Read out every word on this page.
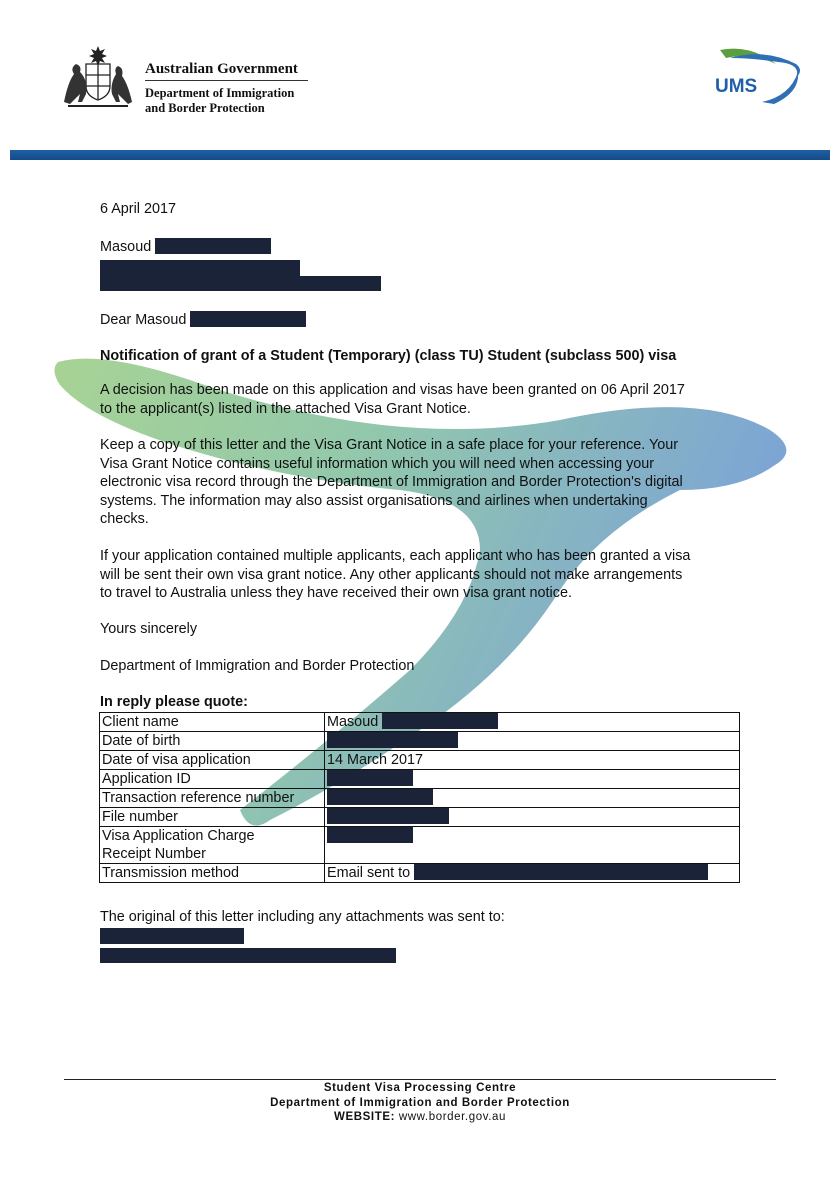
Australian Government
Department of Immigration
and Border Protection
UMS
6 April 2017
Masoud
Dear Masoud
Notification of grant of a Student (Temporary) (class TU) Student (subclass 500) visa
A decision has been made on this application and visas have been granted on 06 April 2017
to the applicant(s) listed in the attached Visa Grant Notice.
Keep a copy of this letter and the Visa Grant Notice in a safe place for your reference. Your
Visa Grant Notice contains useful information which you will need when accessing your
electronic visa record through the Department of Immigration and Border Protection's digital
systems. The information may also assist organisations and airlines when undertaking
checks.
If your application contained multiple applicants, each applicant who has been granted a visa
will be sent their own visa grant notice. Any other applicants should not make arrangements
to travel to Australia unless they have received their own visa grant notice.
Yours sincerely
Department of Immigration and Border Protection
In reply please quote:
Client name	Masoud
Date of birth	
Date of visa application	14 March 2017
Application ID	
Transaction reference number	
File number	

Visa Application Charge
Receipt Number	

Transmission method	Email sent to
The original of this letter including any attachments was sent to:
Student Visa Processing Centre
Department of Immigration and Border Protection
WEBSITE: www.border.gov.au
